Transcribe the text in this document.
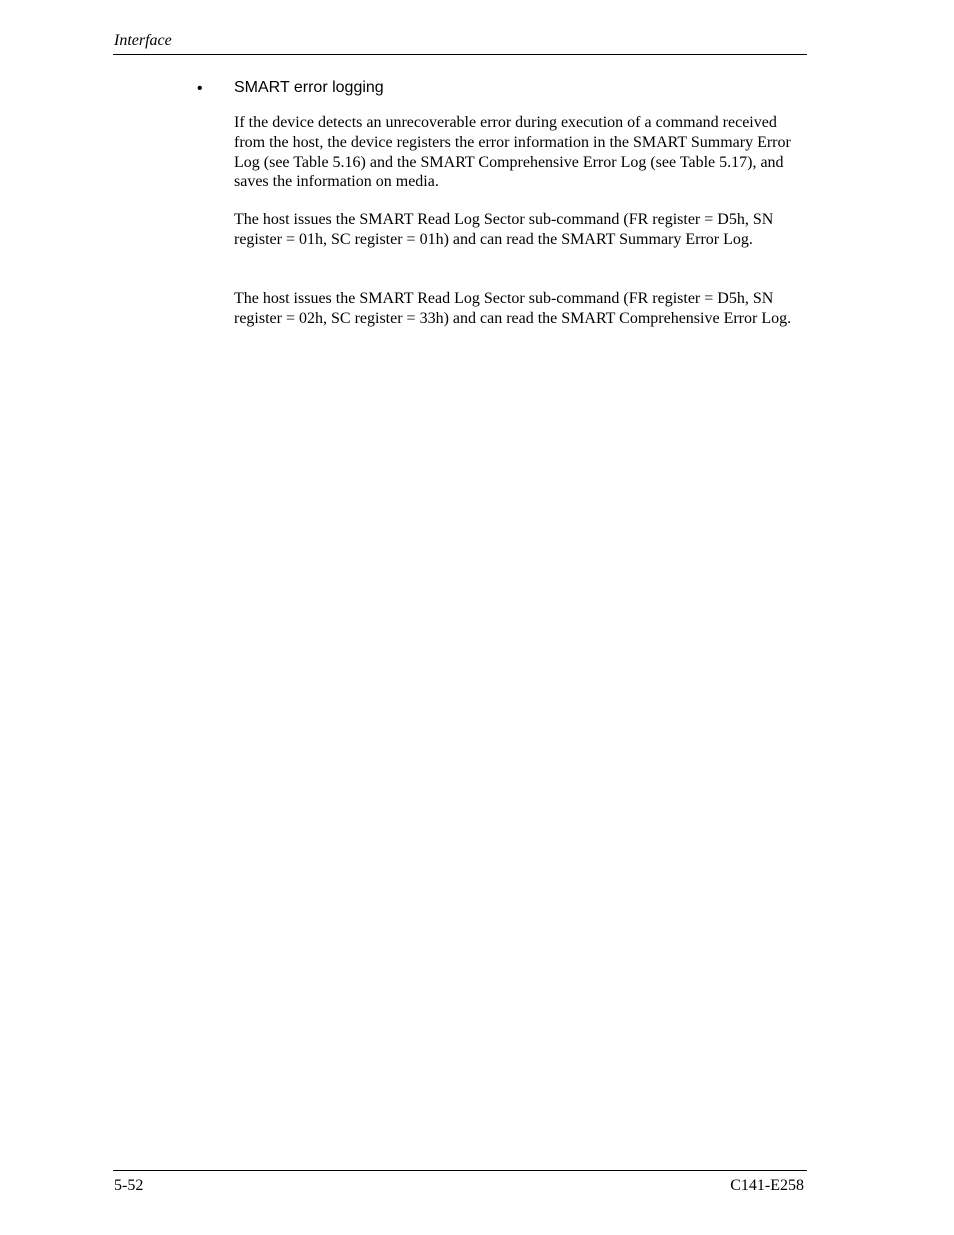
Interface
• SMART error logging

If the device detects an unrecoverable error during execution of a command received from the host, the device registers the error information in the SMART Summary Error Log (see Table 5.16) and the SMART Comprehensive Error Log (see Table 5.17), and saves the information on media.

The host issues the SMART Read Log Sector sub-command (FR register = D5h, SN register = 01h, SC register = 01h) and can read the SMART Summary Error Log.

The host issues the SMART Read Log Sector sub-command (FR register = D5h, SN register = 02h, SC register = 33h) and can read the SMART Comprehensive Error Log.

5-52	C141-E258
